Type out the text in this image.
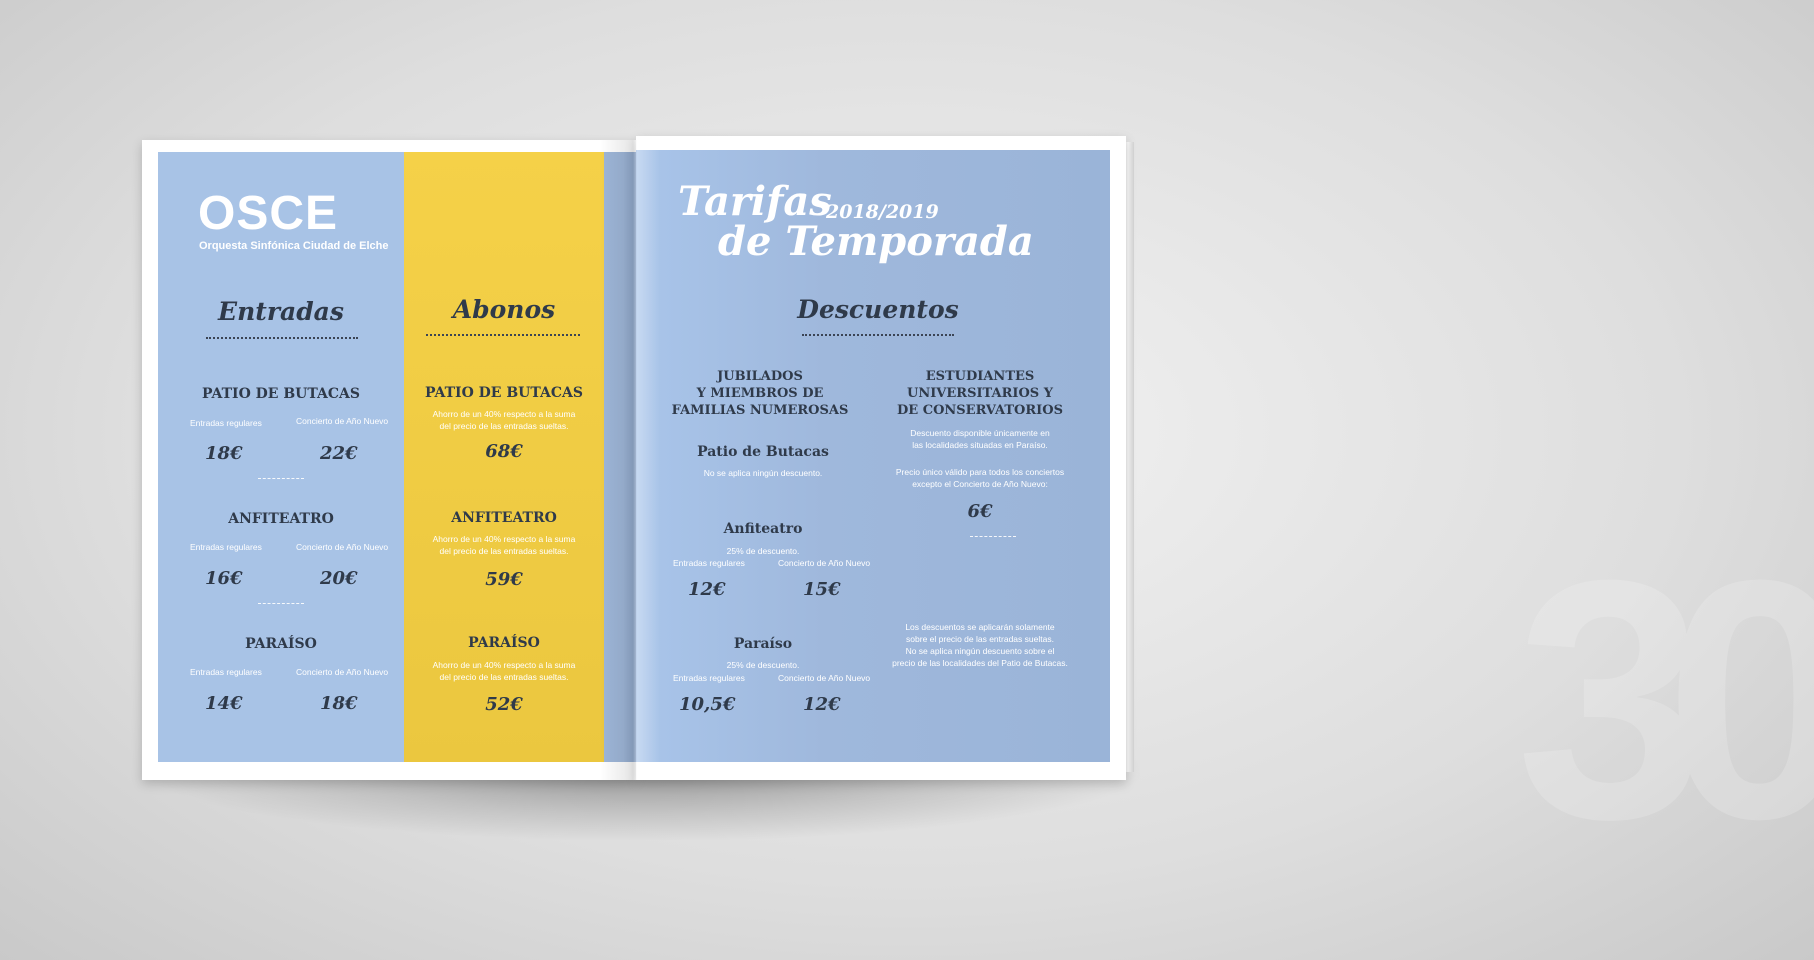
30
OSCE
Orquesta Sinfónica Ciudad de Elche
Entradas
PATIO DE BUTACAS
Entradas regulares	Concierto de Año Nuevo
18€	22€
ANFITEATRO
Entradas regulares	Concierto de Año Nuevo
16€	20€
PARAÍSO
Entradas regulares	Concierto de Año Nuevo
14€	18€
Abonos
PATIO DE BUTACAS
Ahorro de un 40% respecto a la suma
del precio de las entradas sueltas.
68€
ANFITEATRO
Ahorro de un 40% respecto a la suma
del precio de las entradas sueltas.
59€
PARAÍSO
Ahorro de un 40% respecto a la suma
del precio de las entradas sueltas.
52€
Tarifas
2018/2019
de Temporada
Descuentos
JUBILADOS
Y MIEMBROS DE
FAMILIAS NUMEROSAS
Patio de Butacas
No se aplica ningún descuento.
Anfiteatro
25% de descuento.
Entradas regulares	Concierto de Año Nuevo
12€	15€
Paraíso
25% de descuento.
Entradas regulares	Concierto de Año Nuevo
10,5€	12€
ESTUDIANTES
UNIVERSITARIOS Y
DE CONSERVATORIOS
Descuento disponible únicamente en
las localidades situadas en Paraíso.
Precio único válido para todos los conciertos
excepto el Concierto de Año Nuevo:
6€
Los descuentos se aplicarán solamente
sobre el precio de las entradas sueltas.
No se aplica ningún descuento sobre el
precio de las localidades del Patio de Butacas.
